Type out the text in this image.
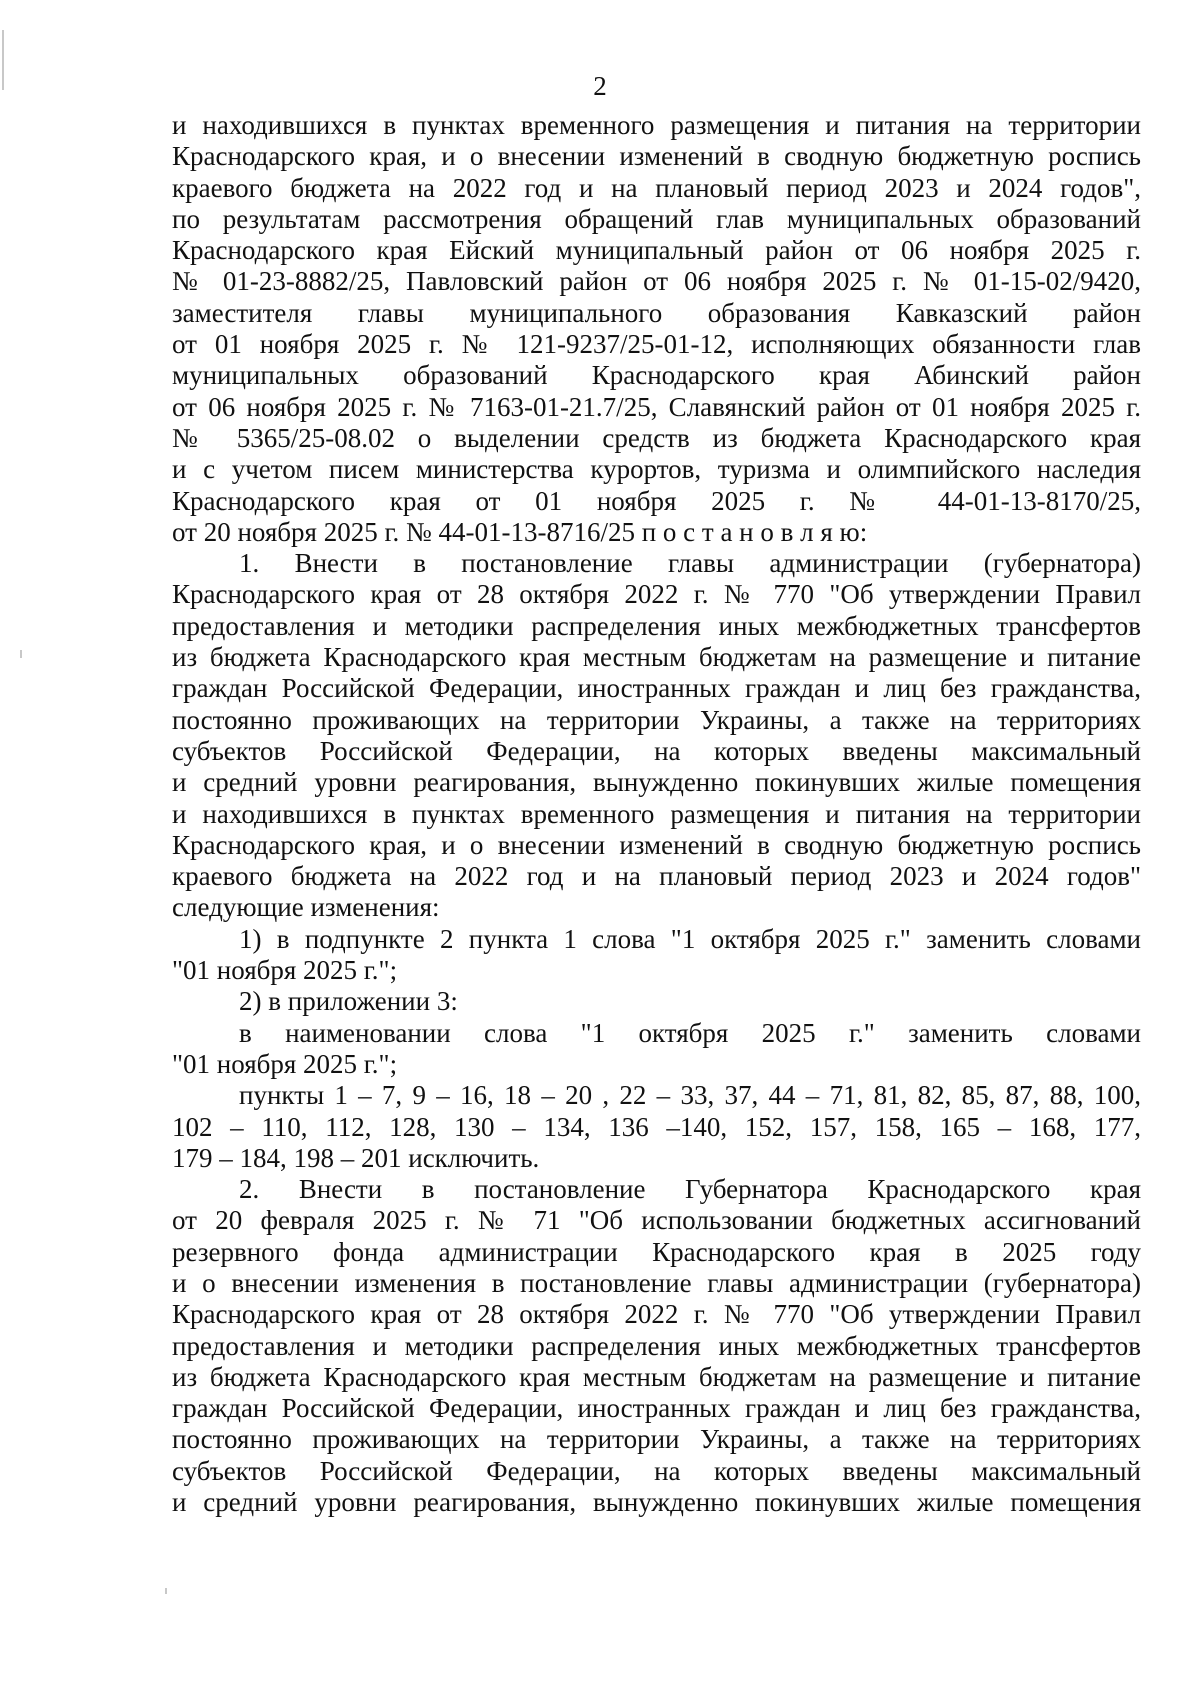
2
и находившихся в пунктах временного размещения и питания на территории
Краснодарского края, и о внесении изменений в сводную бюджетную роспись
краевого бюджета на 2022 год и на плановый период 2023 и 2024 годов",
по результатам рассмотрения обращений глав муниципальных образований
Краснодарского края Ейский муниципальный район от 06 ноября 2025 г.
№ 01-23-8882/25, Павловский район от 06 ноября 2025 г. № 01-15-02/9420,
заместителя главы муниципального образования Кавказский район
от 01 ноября 2025 г. № 121-9237/25-01-12, исполняющих обязанности глав
муниципальных образований Краснодарского края Абинский район
от 06 ноября 2025 г. № 7163-01-21.7/25, Славянский район от 01 ноября 2025 г.
№ 5365/25-08.02 о выделении средств из бюджета Краснодарского края
и с учетом писем министерства курортов, туризма и олимпийского наследия
Краснодарского края от 01 ноября 2025 г. № 44-01-13-8170/25,
от 20 ноября 2025 г. № 44-01-13-8716/25 п о с т а н о в л я ю:
1. Внести в постановление главы администрации (губернатора)
Краснодарского края от 28 октября 2022 г. № 770 "Об утверждении Правил
предоставления и методики распределения иных межбюджетных трансфертов
из бюджета Краснодарского края местным бюджетам на размещение и питание
граждан Российской Федерации, иностранных граждан и лиц без гражданства,
постоянно проживающих на территории Украины, а также на территориях
субъектов Российской Федерации, на которых введены максимальный
и средний уровни реагирования, вынужденно покинувших жилые помещения
и находившихся в пунктах временного размещения и питания на территории
Краснодарского края, и о внесении изменений в сводную бюджетную роспись
краевого бюджета на 2022 год и на плановый период 2023 и 2024 годов"
следующие изменения:
1) в подпункте 2 пункта 1 слова "1 октября 2025 г." заменить словами
"01 ноября 2025 г.";
2) в приложении 3:
в наименовании слова "1 октября 2025 г." заменить словами
"01 ноября 2025 г.";
пункты 1 – 7, 9 – 16, 18 – 20 , 22 – 33, 37, 44 – 71, 81, 82, 85, 87, 88, 100,
102 – 110, 112, 128, 130 – 134, 136 –140, 152, 157, 158, 165 – 168, 177,
179 – 184, 198 – 201 исключить.
2. Внести в постановление Губернатора Краснодарского края
от 20 февраля 2025 г. № 71 "Об использовании бюджетных ассигнований
резервного фонда администрации Краснодарского края в 2025 году
и о внесении изменения в постановление главы администрации (губернатора)
Краснодарского края от 28 октября 2022 г. № 770 "Об утверждении Правил
предоставления и методики распределения иных межбюджетных трансфертов
из бюджета Краснодарского края местным бюджетам на размещение и питание
граждан Российской Федерации, иностранных граждан и лиц без гражданства,
постоянно проживающих на территории Украины, а также на территориях
субъектов Российской Федерации, на которых введены максимальный
и средний уровни реагирования, вынужденно покинувших жилые помещения
